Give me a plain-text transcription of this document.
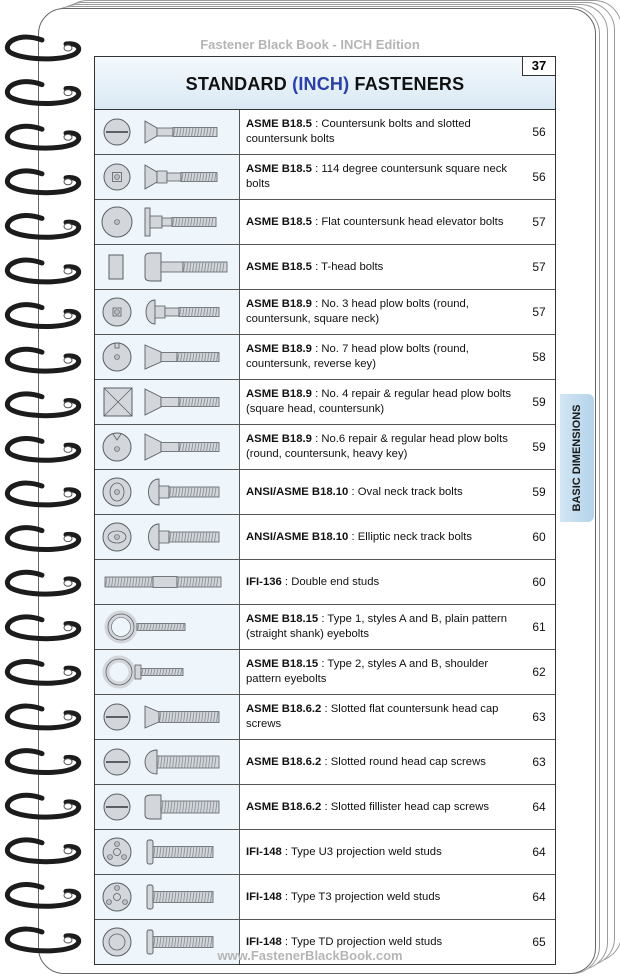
Fastener Black Book - INCH Edition
STANDARD (INCH) FASTENERS
37
ASME B18.5 : Countersunk bolts and slotted countersunk bolts	56
ASME B18.5 : 114 degree countersunk square neck bolts	56
ASME B18.5 : Flat countersunk head elevator bolts	57
ASME B18.5 : T-head bolts	57
ASME B18.9 : No. 3 head plow bolts (round, countersunk, square neck)	57
ASME B18.9 : No. 7 head plow bolts (round, countersunk, reverse key)	58
ASME B18.9 : No. 4 repair & regular head plow bolts (square head, countersunk)	59
ASME B18.9 : No.6 repair & regular head plow bolts (round, countersunk, heavy key)	59
ANSI/ASME B18.10 : Oval neck track bolts	59
ANSI/ASME B18.10 : Elliptic neck track bolts	60
IFI-136 : Double end studs	60
ASME B18.15 : Type 1, styles A and B, plain pattern (straight shank) eyebolts	61
ASME B18.15 : Type 2, styles A and B, shoulder pattern eyebolts	62
ASME B18.6.2 : Slotted flat countersunk head cap screws	63
ASME B18.6.2 : Slotted round head cap screws	63
ASME B18.6.2 : Slotted fillister head cap screws	64
IFI-148 : Type U3 projection weld studs	64
IFI-148 : Type T3 projection weld studs	64
IFI-148 : Type TD projection weld studs	65
BASIC DIMENSIONS
www.FastenerBlackBook.com
